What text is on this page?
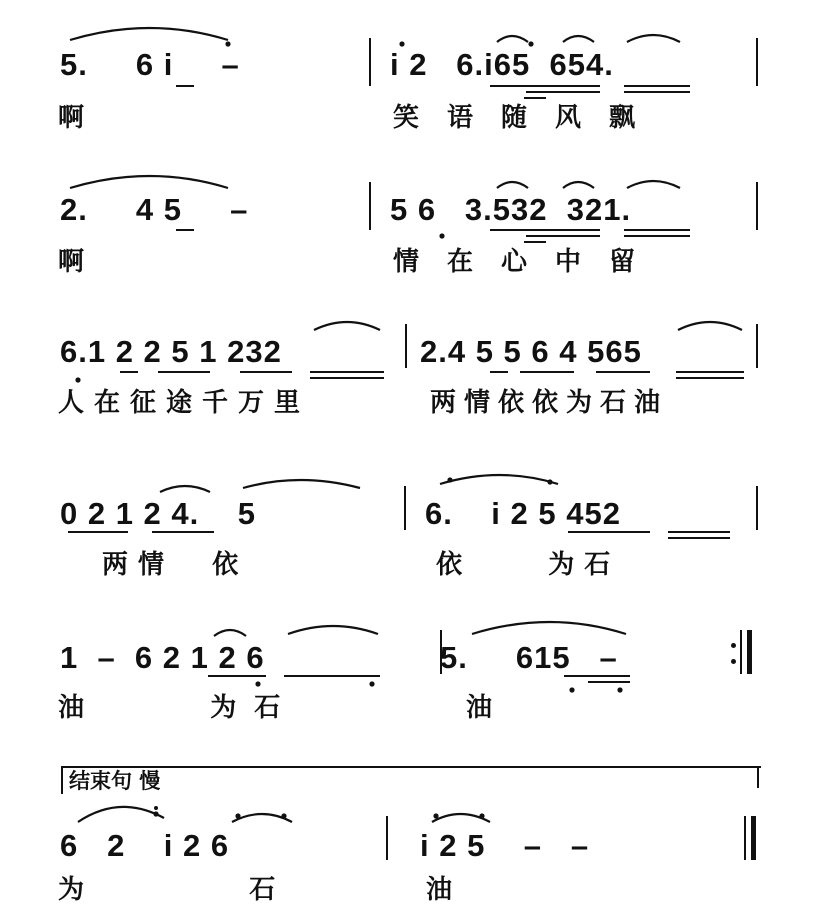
5.     6 i     –	i 2   6.i65  654.
啊	笑语随风飘
2.     4 5     –	5 6   3.532  321.
啊	情在心中留
6.1 2 2 5 1 232	2.4 5 5 6 4 565
人在征途千万里	两情依依为石油
0 2 1 2 4.    5	6.    i 2 5 452
两情  依	依    为石
1  –  6 2 1 2 6	5.     615   –
油    为石	油
结束句 慢
6   2    i 2 6	i 2 5    –   –
为     石	油
